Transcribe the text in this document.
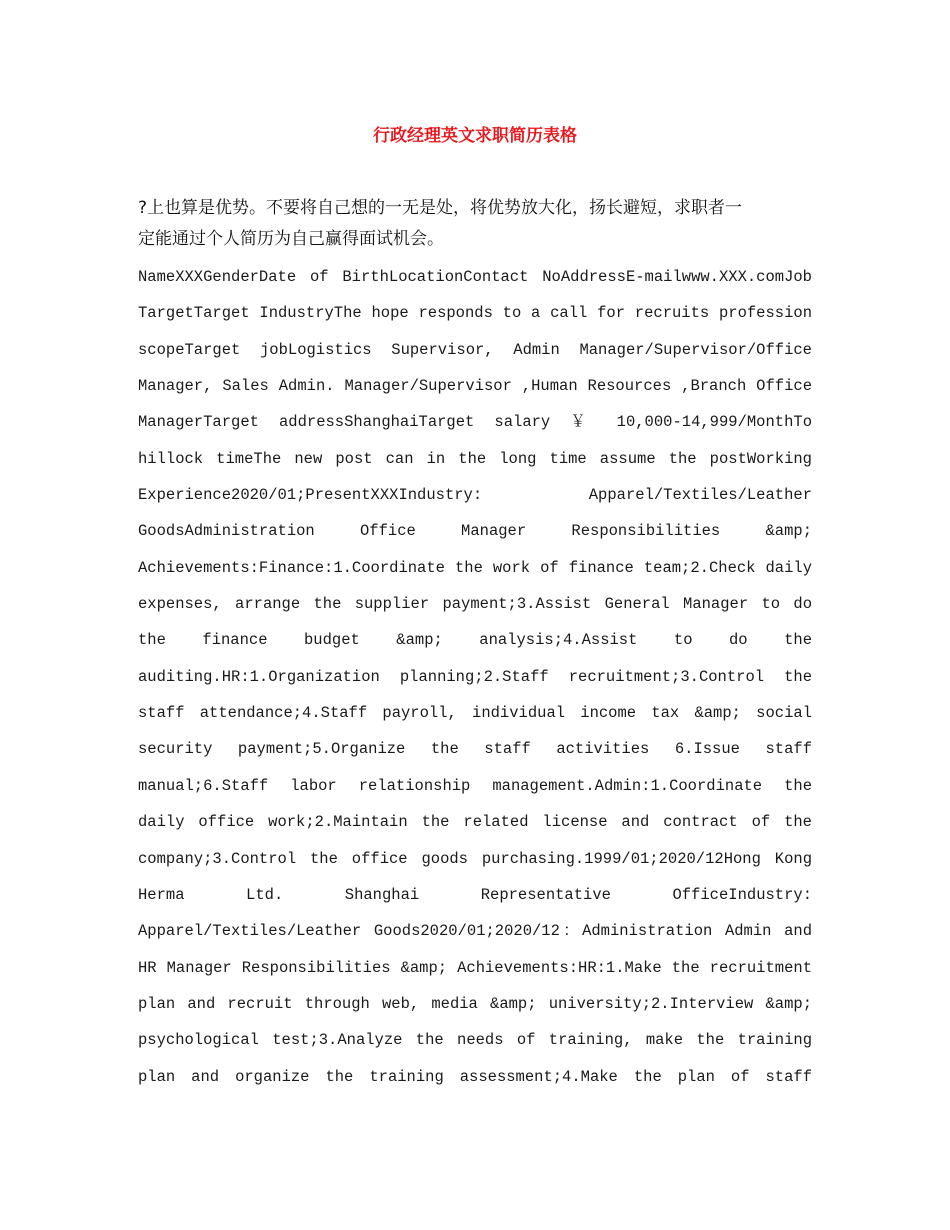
行政经理英文求职简历表格
?上也算是优势。不要将自己想的一无是处，将优势放大化，扬长避短，求职者一
定能通过个人简历为自己赢得面试机会。
NameXXXGenderDate of BirthLocationContact NoAddressE-mailwww.XXX.comJob
TargetTarget IndustryThe hope responds to a call for recruits profession
scopeTarget jobLogistics Supervisor, Admin Manager/Supervisor/Office
Manager, Sales Admin. Manager/Supervisor ,Human Resources ,Branch Office
ManagerTarget addressShanghaiTarget salary ￥ 10,000-14,999/MonthTo
hillock timeThe new post can in the long time assume the postWorking
Experience2020/01;PresentXXXIndustry: Apparel/Textiles/Leather
GoodsAdministration Office Manager Responsibilities &amp;
Achievements:Finance:1.Coordinate the work of finance team;2.Check daily
expenses, arrange the supplier payment;3.Assist General Manager to do
the finance budget &amp; analysis;4.Assist to do the
auditing.HR:1.Organization planning;2.Staff recruitment;3.Control the
staff attendance;4.Staff payroll, individual income tax &amp; social
security payment;5.Organize the staff activities 6.Issue staff
manual;6.Staff labor relationship management.Admin:1.Coordinate the
daily office work;2.Maintain the related license and contract of the
company;3.Control the office goods purchasing.1999/01;2020/12Hong Kong
Herma Ltd. Shanghai Representative OfficeIndustry:
Apparel/Textiles/Leather Goods2020/01;2020/12：Administration Admin and
HR Manager Responsibilities &amp; Achievements:HR:1.Make the recruitment
plan and recruit through web, media &amp; university;2.Interview &amp;
psychological test;3.Analyze the needs of training, make the training
plan and organize the training assessment;4.Make the plan of staff
